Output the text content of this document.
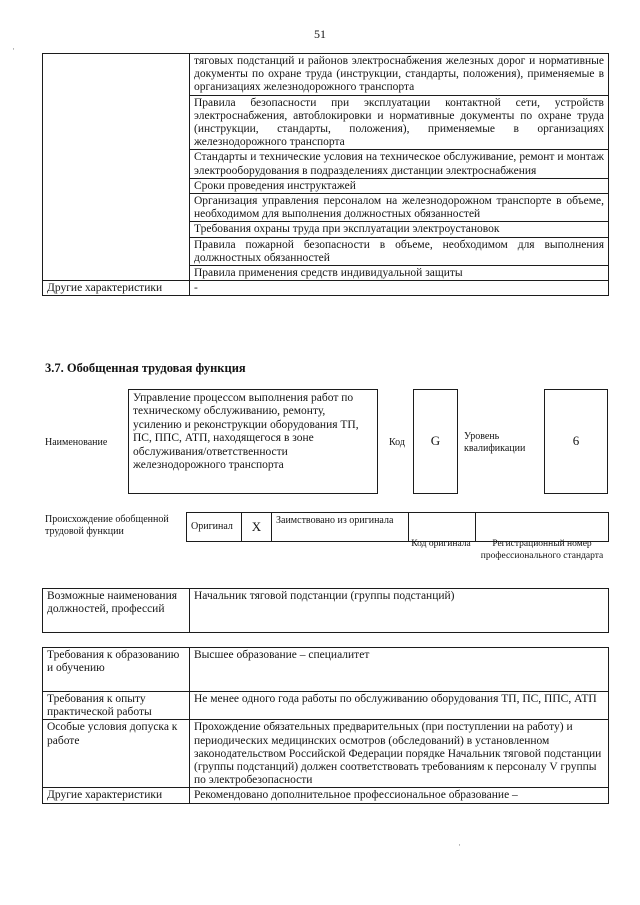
51
	тяговых подстанций и районов электроснабжения железных дорог и нормативные документы по охране труда (инструкции, стандарты, положения), применяемые в организациях железнодорожного транспорта
	Правила безопасности при эксплуатации контактной сети, устройств электроснабжения, автоблокировки и нормативные документы по охране труда (инструкции, стандарты, положения), применяемые в организациях железнодорожного транспорта
	Стандарты и технические условия на техническое обслуживание, ремонт и монтаж электрооборудования в подразделениях дистанции электроснабжения
	Сроки проведения инструктажей
	Организация управления персоналом на железнодорожном транспорте в объеме, необходимом для выполнения должностных обязанностей
	Требования охраны труда при эксплуатации электроустановок
	Правила пожарной безопасности в объеме, необходимом для выполнения должностных обязанностей
	Правила применения средств индивидуальной защиты
Другие характеристики	-
3.7. Обобщенная трудовая функция
Наименование
Управление процессом выполнения работ по техническому обслуживанию, ремонту, усилению и реконструкции оборудования ТП, ПС, ППС, АТП, находящегося в зоне обслуживания/ответственности железнодорожного транспорта
Код	G	Уровень квалификации
6
Происхождение обобщенной трудовой функции	Оригинал	X	Заимствовано из оригинала		
Код оригинала	Регистрационный номер профессионального стандарта
Возможные наименования должностей, профессий	Начальник тяговой подстанции (группы подстанций)
Требования к образованию и обучению	Высшее образование – специалитет
Требования к опыту практической работы	Не менее одного года работы по обслуживанию оборудования ТП, ПС, ППС, АТП
Особые условия допуска к работе	Прохождение обязательных предварительных (при поступлении на работу) и периодических медицинских осмотров (обследований) в установленном законодательством Российской Федерации порядке Начальник тяговой подстанции (группы подстанций) должен соответствовать требованиям к персоналу V группы по электробезопасности
Другие характеристики	Рекомендовано дополнительное профессиональное образование –
·
·
